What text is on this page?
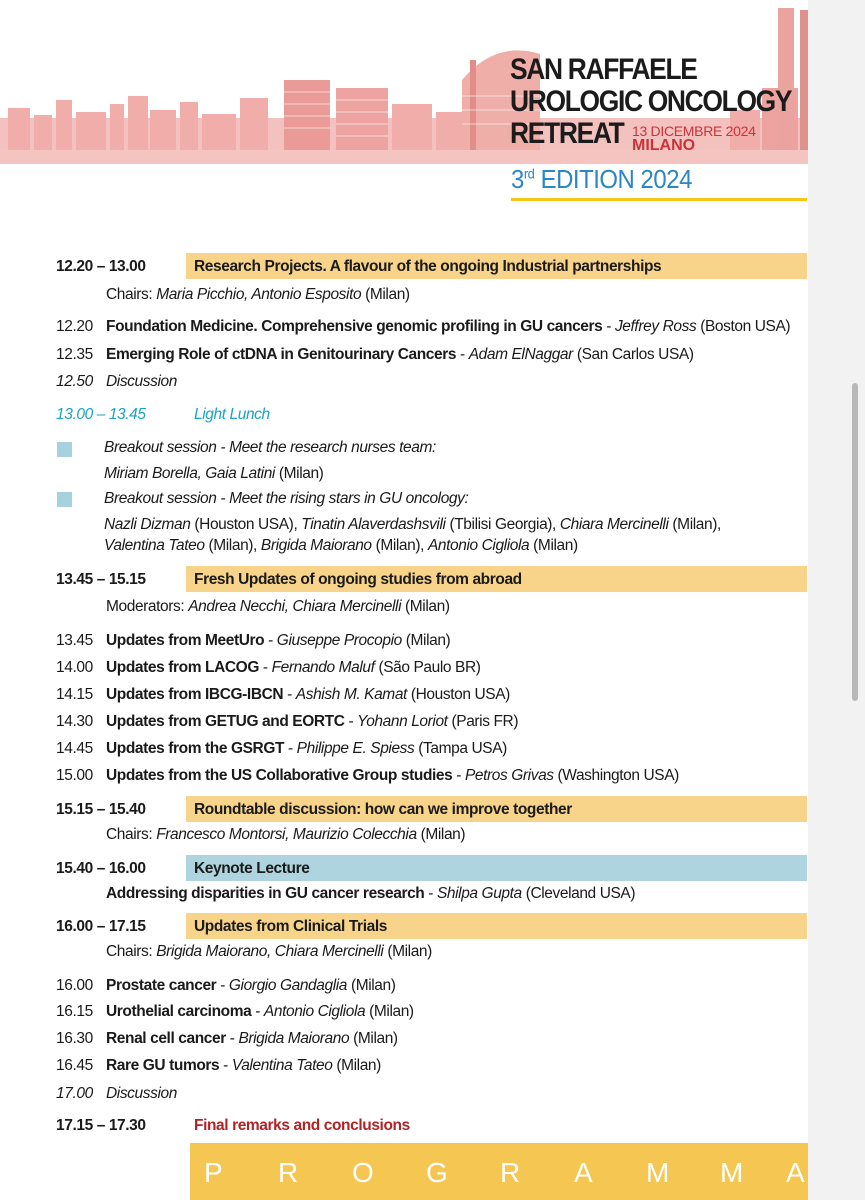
SAN RAFFAELE
UROLOGIC ONCOLOGY
RETREAT 13 DICEMBRE 2024
MILANO
3rd EDITION 2024
12.20 – 13.00	Research Projects. A flavour of the ongoing Industrial partnerships
Chairs: Maria Picchio, Antonio Esposito (Milan)
12.20 Foundation Medicine. Comprehensive genomic profiling in GU cancers - Jeffrey Ross (Boston USA)
12.35 Emerging Role of ctDNA in Genitourinary Cancers - Adam ElNaggar (San Carlos USA)
12.50 Discussion
13.00 – 13.45	Light Lunch
Breakout session - Meet the research nurses team:
Miriam Borella, Gaia Latini (Milan)
Breakout session - Meet the rising stars in GU oncology:
Nazli Dizman (Houston USA), Tinatin Alaverdashsvili (Tbilisi Georgia), Chiara Mercinelli (Milan),
Valentina Tateo (Milan), Brigida Maiorano (Milan), Antonio Cigliola (Milan)
13.45 – 15.15	Fresh Updates of ongoing studies from abroad
Moderators: Andrea Necchi, Chiara Mercinelli (Milan)
13.45 Updates from MeetUro - Giuseppe Procopio (Milan)
14.00 Updates from LACOG - Fernando Maluf (São Paulo BR)
14.15 Updates from IBCG-IBCN - Ashish M. Kamat (Houston USA)
14.30 Updates from GETUG and EORTC - Yohann Loriot (Paris FR)
14.45 Updates from the GSRGT - Philippe E. Spiess (Tampa USA)
15.00 Updates from the US Collaborative Group studies - Petros Grivas (Washington USA)
15.15 – 15.40	Roundtable discussion: how can we improve together
Chairs: Francesco Montorsi, Maurizio Colecchia (Milan)
15.40 – 16.00	Keynote Lecture
Addressing disparities in GU cancer research - Shilpa Gupta (Cleveland USA)
16.00 – 17.15	Updates from Clinical Trials
Chairs: Brigida Maiorano, Chiara Mercinelli (Milan)
16.00 Prostate cancer - Giorgio Gandaglia (Milan)
16.15 Urothelial carcinoma - Antonio Cigliola (Milan)
16.30 Renal cell cancer - Brigida Maiorano (Milan)
16.45 Rare GU tumors - Valentina Tateo (Milan)
17.00 Discussion
17.15 – 17.30	Final remarks and conclusions
P R O G R A M M A
